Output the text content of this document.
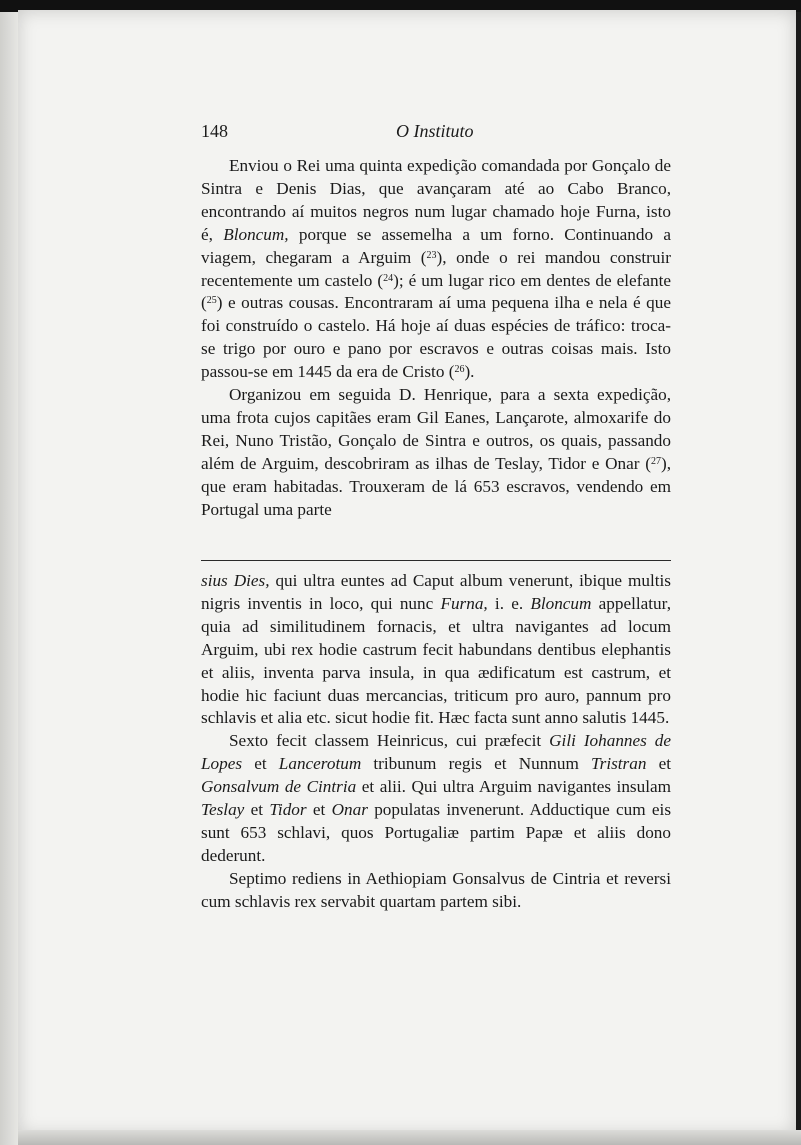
148	O Instituto

Enviou o Rei uma quinta expedição comandada por Gonçalo de Sintra e Denis Dias, que avançaram até ao Cabo Branco, encontrando aí muitos negros num lugar chamado hoje Furna, isto é, Bloncum, porque se assemelha a um forno. Continuando a viagem, chegaram a Arguim ($^{23}$), onde o rei mandou construir recentemente um castelo ($^{24}$); é um lugar rico em dentes de elefante ($^{25}$) e outras cousas. Encontraram aí uma pequena ilha e nela é que foi construído o castelo. Há hoje aí duas espécies de tráfico: troca-se trigo por ouro e pano por escravos e outras coisas mais. Isto passou-se em 1445 da era de Cristo ($^{26}$).

Organizou em seguida D. Henrique, para a sexta expedição, uma frota cujos capitães eram Gil Eanes, Lançarote, almoxarife do Rei, Nuno Tristão, Gonçalo de Sintra e outros, os quais, passando além de Arguim, descobriram as ilhas de Teslay, Tidor e Onar ($^{27}$), que eram habitadas. Trouxeram de lá 653 escravos, vendendo em Portugal uma parte

sius Dies, qui ultra euntes ad Caput album venerunt, ibique multis nigris inventis in loco, qui nunc Furna, i. e. Bloncum appellatur, quia ad similitudinem fornacis, et ultra navigantes ad locum Arguim, ubi rex hodie castrum fecit habundans dentibus elephantis et aliis, inventa parva insula, in qua ædificatum est castrum, et hodie hic faciunt duas mercancias, triticum pro auro, pannum pro schlavis et alia etc. sicut hodie fit. Hæc facta sunt anno salutis 1445.

Sexto fecit classem Heinricus, cui præfecit Gili Iohannes de Lopes et Lancerotum tribunum regis et Nunnum Tristran et Gonsalvum de Cintria et alii. Qui ultra Arguim navigantes insulam Teslay et Tidor et Onar populatas invenerunt. Adductique cum eis sunt 653 schlavi, quos Portugaliæ partim Papæ et aliis dono dederunt.

Septimo rediens in Aethiopiam Gonsalvus de Cintria et reversi cum schlavis rex servabit quartam partem sibi.
